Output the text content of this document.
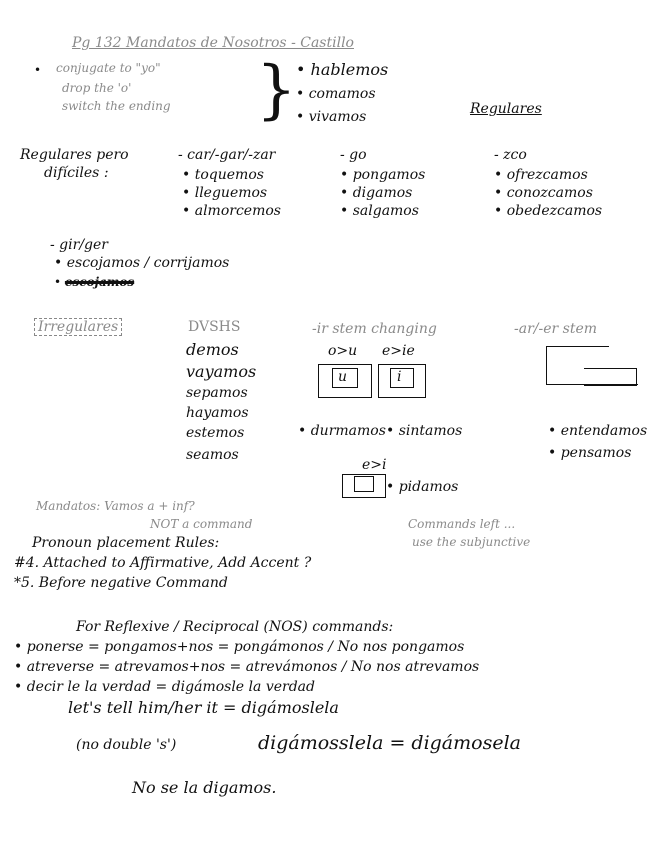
Pg 132 Mandatos de Nosotros - Castillo
conjugate to "yo"
drop the 'o'
switch the ending
•	} • hablemos
• comamos
• vivamos	Regulares
Regulares pero
difíciles :
- car/-gar/-zar
• toquemos
• lleguemos
• almorcemos
- go
• pongamos
• digamos
• salgamos
- zco
• ofrezcamos
• conozcamos
• obedezcamos
- gir/ger
• escojamos / corrijamos
• escojamos
Irregulares	DVSHS
demos
vayamos
sepamos
hayamos
estemos
seamos
-ir stem changing
o>u e>ie
u	i
• durmamos • sintamos
e>i
• pidamos
-ar/-er stem
• entendamos
• pensamos
Mandatos: Vamos a + inf?
NOT a command	Commands left ...
use the subjunctive
Pronoun placement Rules:
#4. Attached to Affirmative, Add Accent ?
*5. Before negative Command
For Reflexive / Reciprocal (NOS) commands:
• ponerse = pongamos+nos = pongámonos / No nos pongamos
• atreverse = atrevamos+nos = atrevámonos / No nos atrevamos
• decir le la verdad = digámosle la verdad
let's tell him/her it = digámoslela
(no double 's')	digámosslela = digámosela
No se la digamos.
